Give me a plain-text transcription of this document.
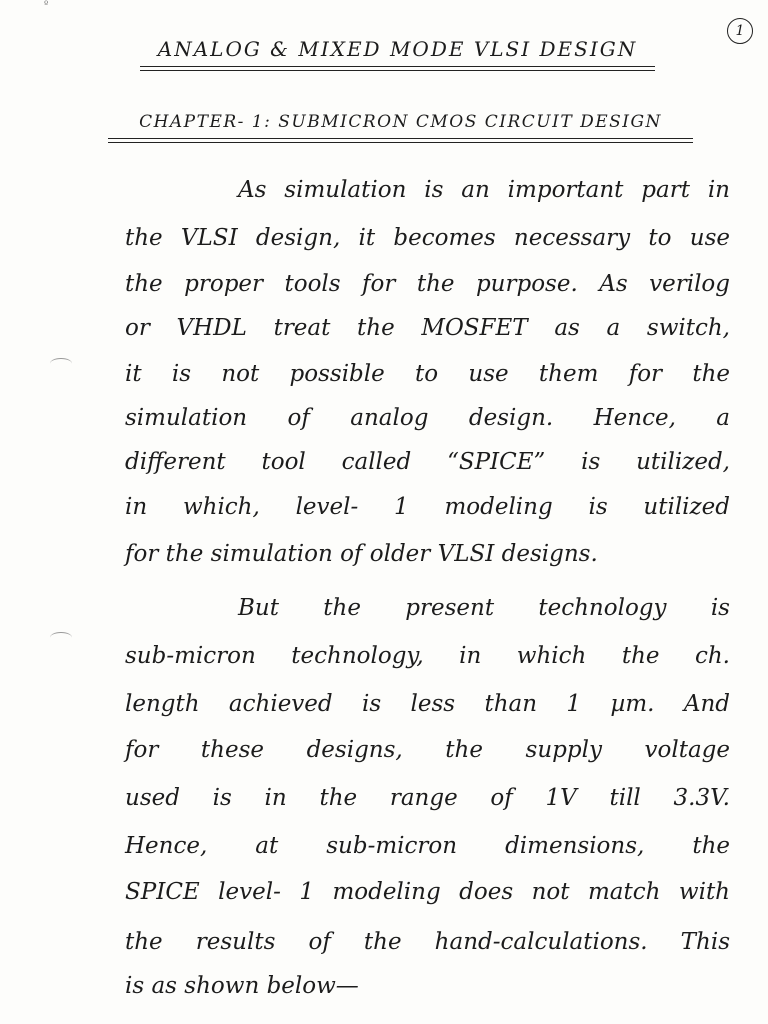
º
1
ANALOG & MIXED MODE VLSI DESIGN
CHAPTER- 1: SUBMICRON CMOS CIRCUIT DESIGN
As simulation is an important part in
the VLSI design, it becomes necessary to use
the proper tools for the purpose. As verilog
or VHDL treat the MOSFET as a switch,
it is not possible to use them for the
simulation of analog design. Hence, a
different tool called “SPICE” is utilized,
in which, level- 1 modeling is utilized
for the simulation of older VLSI designs.
But the present technology is
sub-micron technology, in which the ch.
length achieved is less than 1 µm. And
for these designs, the supply voltage
used is in the range of 1V till 3.3V.
Hence, at sub-micron dimensions, the
SPICE level- 1 modeling does not match with
the results of the hand-calculations. This
is as shown below—
